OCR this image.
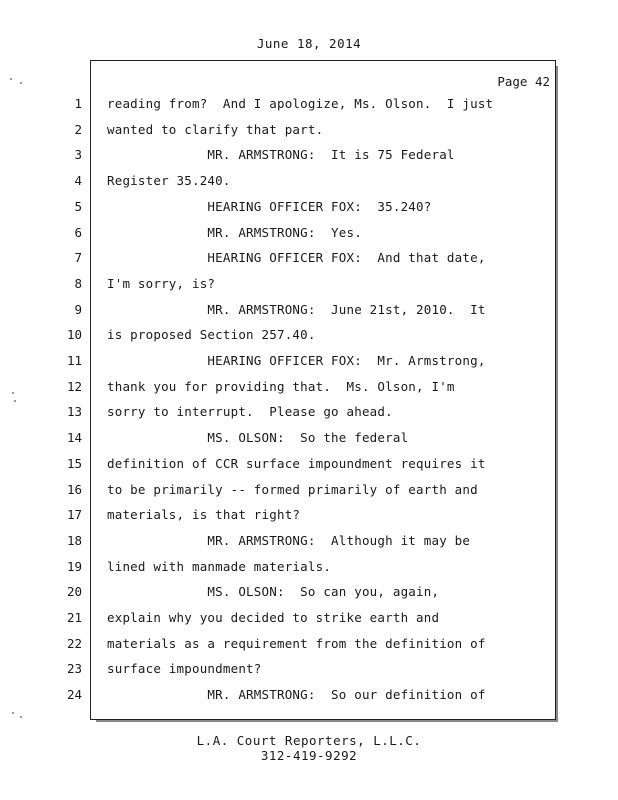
June 18, 2014
Page 42
1 reading from?  And I apologize, Ms. Olson.  I just
2 wanted to clarify that part.
3 MR. ARMSTRONG:  It is 75 Federal
4 Register 35.240.
5 HEARING OFFICER FOX:  35.240?
6 MR. ARMSTRONG:  Yes.
7 HEARING OFFICER FOX:  And that date,
8 I'm sorry, is?
9 MR. ARMSTRONG:  June 21st, 2010.  It
10 is proposed Section 257.40.
11 HEARING OFFICER FOX:  Mr. Armstrong,
12 thank you for providing that.  Ms. Olson, I'm
13 sorry to interrupt.  Please go ahead.
14 MS. OLSON:  So the federal
15 definition of CCR surface impoundment requires it
16 to be primarily -- formed primarily of earth and
17 materials, is that right?
18 MR. ARMSTRONG:  Although it may be
19 lined with manmade materials.
20 MS. OLSON:  So can you, again,
21 explain why you decided to strike earth and
22 materials as a requirement from the definition of
23 surface impoundment?
24 MR. ARMSTRONG:  So our definition of
L.A. Court Reporters, L.L.C.
312-419-9292
